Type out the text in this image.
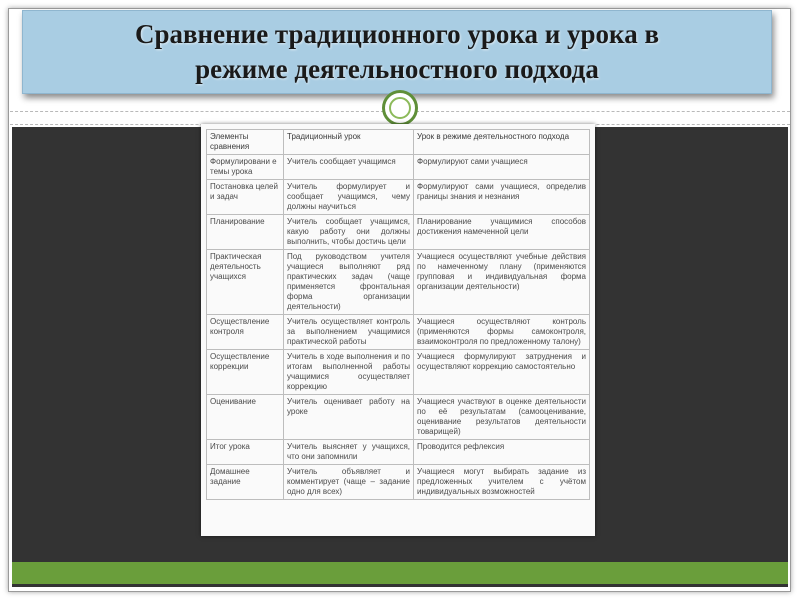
Сравнение традиционного урока и урока в
режиме деятельностного подхода
Элементы сравнения	Традиционный урок	Урок в режиме деятельностного подхода
Формулировани е темы урока	Учитель сообщает учащимся	Формулируют сами учащиеся
Постановка целей и задач	Учитель формулирует и сообщает учащимся, чему должны научиться	Формулируют сами учащиеся, определив границы знания и незнания
Планирование	Учитель сообщает учащимся, какую работу они должны выполнить, чтобы достичь цели	Планирование учащимися способов достижения намеченной цели
Практическая деятельность учащихся	Под руководством учителя учащиеся выполняют ряд практических задач (чаще применяется фронтальная форма организации деятельности)	Учащиеся осуществляют учебные действия по намеченному плану (применяются групповая и индивидуальная форма организации деятельности)
Осуществление контроля	Учитель осуществляет контроль за выполнением учащимися практической работы	Учащиеся осуществляют контроль (применяются формы самоконтроля, взаимоконтроля по предложенному талону)
Осуществление коррекции	Учитель в ходе выполнения и по итогам выполненной работы учащимися осуществляет коррекцию	Учащиеся формулируют затруднения и осуществляют коррекцию самостоятельно
Оценивание	Учитель оценивает работу на уроке	Учащиеся участвуют в оценке деятельности по её результатам (самооценивание, оценивание результатов деятельности товарищей)
Итог урока	Учитель выясняет у учащихся, что они запомнили	Проводится рефлексия
Домашнее задание	Учитель объявляет и комментирует (чаще – задание одно для всех)	Учащиеся могут выбирать задание из предложенных учителем с учётом индивидуальных возможностей
